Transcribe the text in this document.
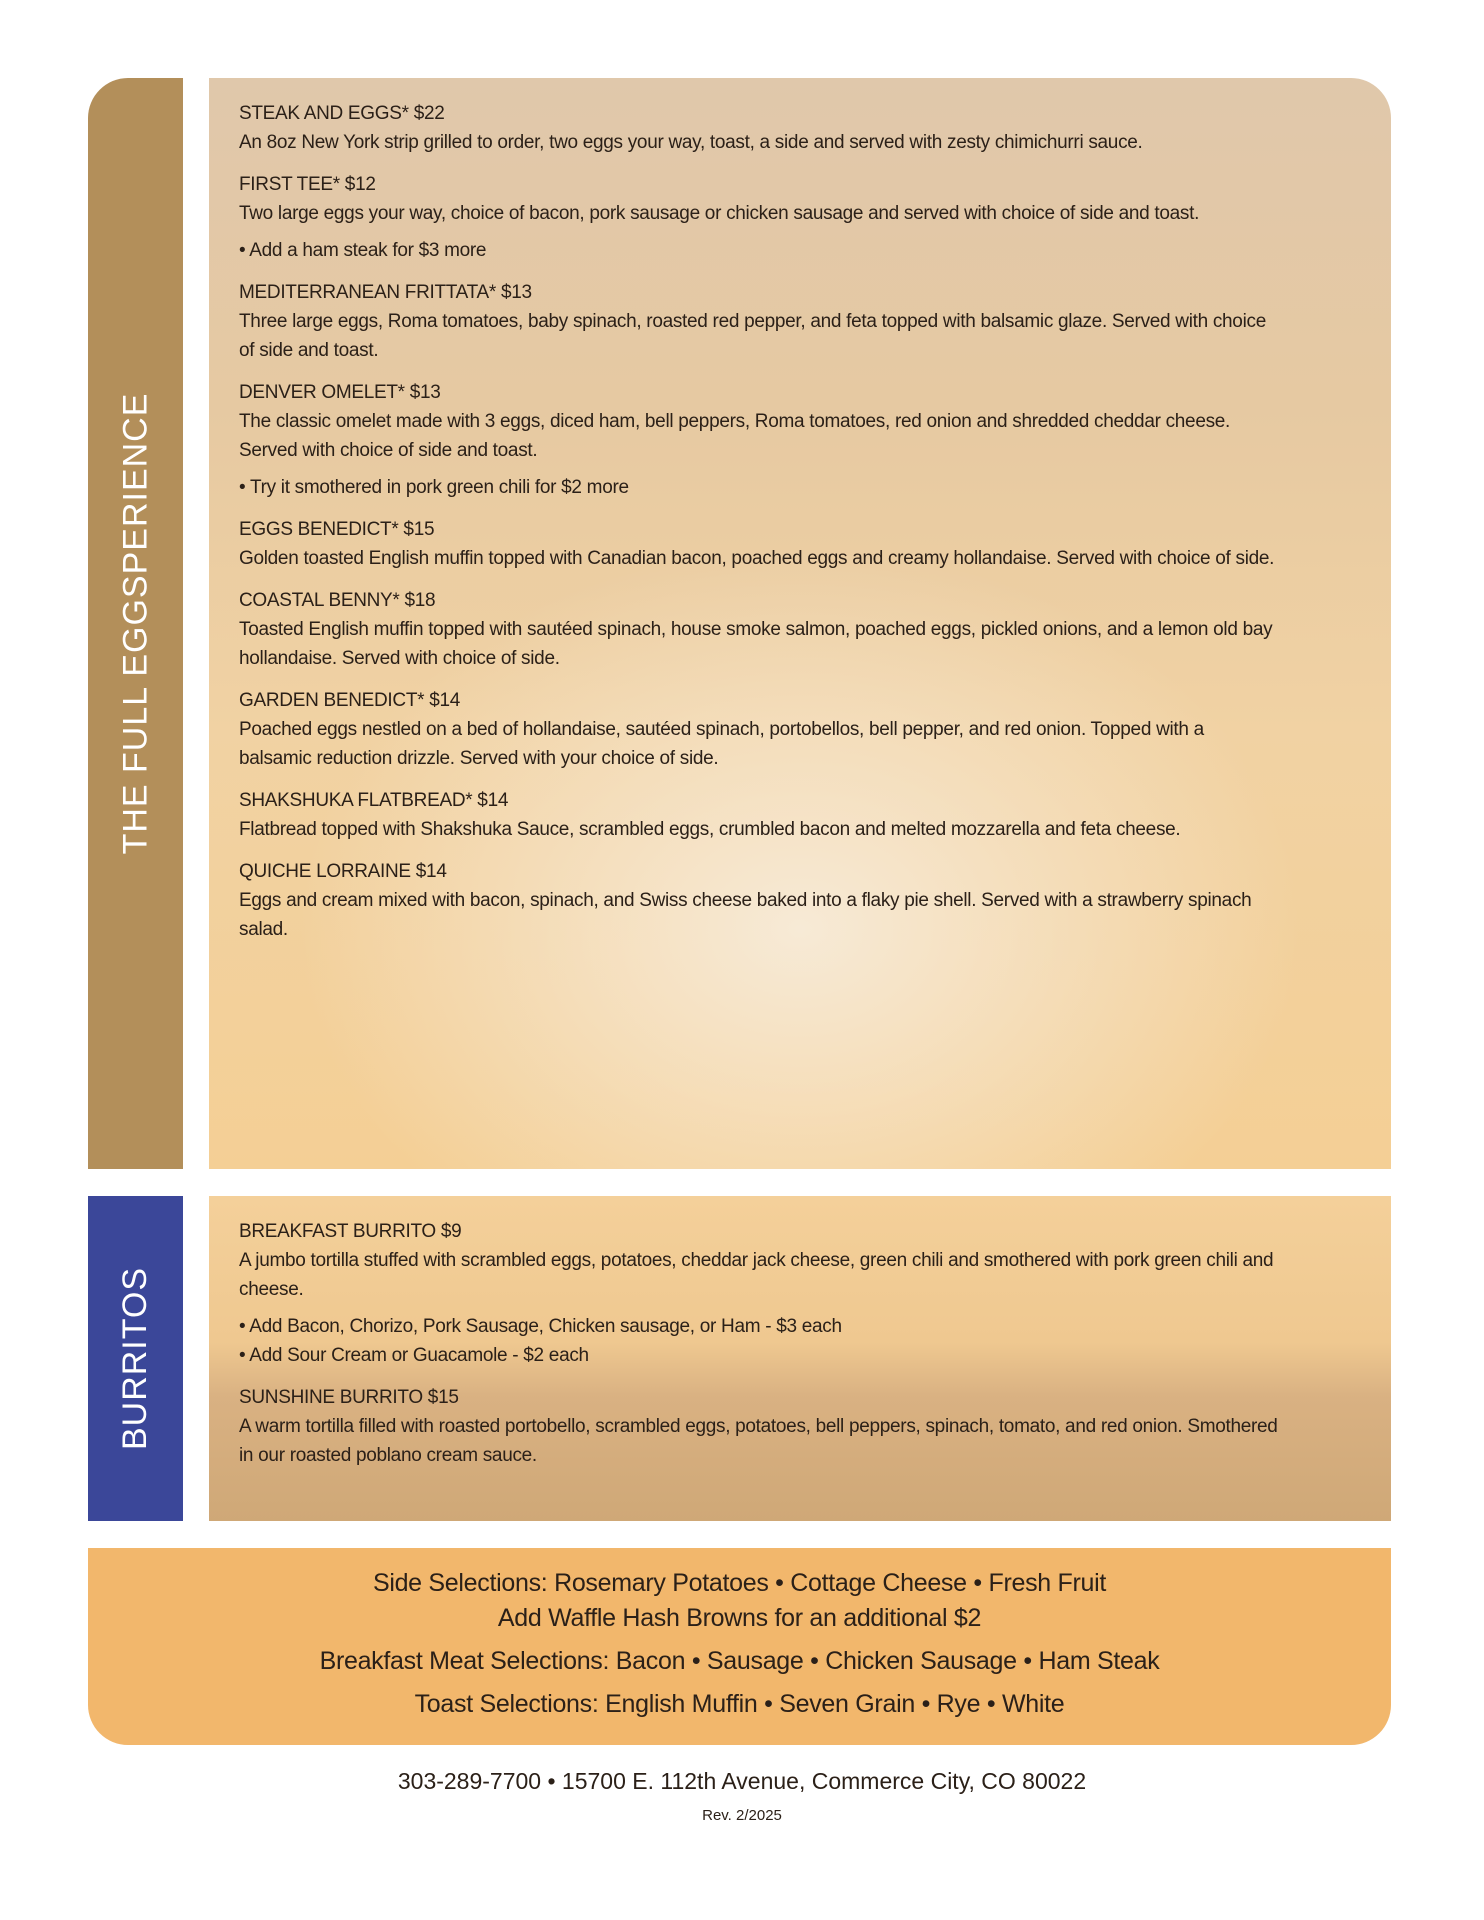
THE FULL EGGSPERIENCE
STEAK AND EGGS* $22

An 8oz New York strip grilled to order, two eggs your way, toast, a side and served with zesty chimichurri sauce.

FIRST TEE* $12

Two large eggs your way, choice of bacon, pork sausage or chicken sausage and served with choice of side and toast.

• Add a ham steak for $3 more

MEDITERRANEAN FRITTATA* $13

Three large eggs, Roma tomatoes, baby spinach, roasted red pepper, and feta topped with balsamic glaze. Served with choice of side and toast.

DENVER OMELET* $13

The classic omelet made with 3 eggs, diced ham, bell peppers, Roma tomatoes, red onion and shredded cheddar cheese. Served with choice of side and toast.

• Try it smothered in pork green chili for $2 more

EGGS BENEDICT* $15

Golden toasted English muffin topped with Canadian bacon, poached eggs and creamy hollandaise. Served with choice of side.

COASTAL BENNY* $18

Toasted English muffin topped with sautéed spinach, house smoke salmon, poached eggs, pickled onions, and a lemon old bay hollandaise. Served with choice of side.

GARDEN BENEDICT* $14

Poached eggs nestled on a bed of hollandaise, sautéed spinach, portobellos, bell pepper, and red onion. Topped with a balsamic reduction drizzle. Served with your choice of side.

SHAKSHUKA FLATBREAD* $14

Flatbread topped with Shakshuka Sauce, scrambled eggs, crumbled bacon and melted mozzarella and feta cheese.

QUICHE LORRAINE $14

Eggs and cream mixed with bacon, spinach, and Swiss cheese baked into a flaky pie shell. Served with a strawberry spinach salad.

BURRITOS
BREAKFAST BURRITO $9

A jumbo tortilla stuffed with scrambled eggs, potatoes, cheddar jack cheese, green chili and smothered with pork green chili and cheese.

• Add Bacon, Chorizo, Pork Sausage, Chicken sausage, or Ham - $3 each

• Add Sour Cream or Guacamole - $2 each

SUNSHINE BURRITO $15

A warm tortilla filled with roasted portobello, scrambled eggs, potatoes, bell peppers, spinach, tomato, and red onion. Smothered in our roasted poblano cream sauce.

Side Selections: Rosemary Potatoes • Cottage Cheese • Fresh Fruit
Add Waffle Hash Browns for an additional $2
Breakfast Meat Selections: Bacon • Sausage • Chicken Sausage • Ham Steak
Toast Selections: English Muffin • Seven Grain • Rye • White
303-289-7700 • 15700 E. 112th Avenue, Commerce City, CO 80022
Rev. 2/2025
